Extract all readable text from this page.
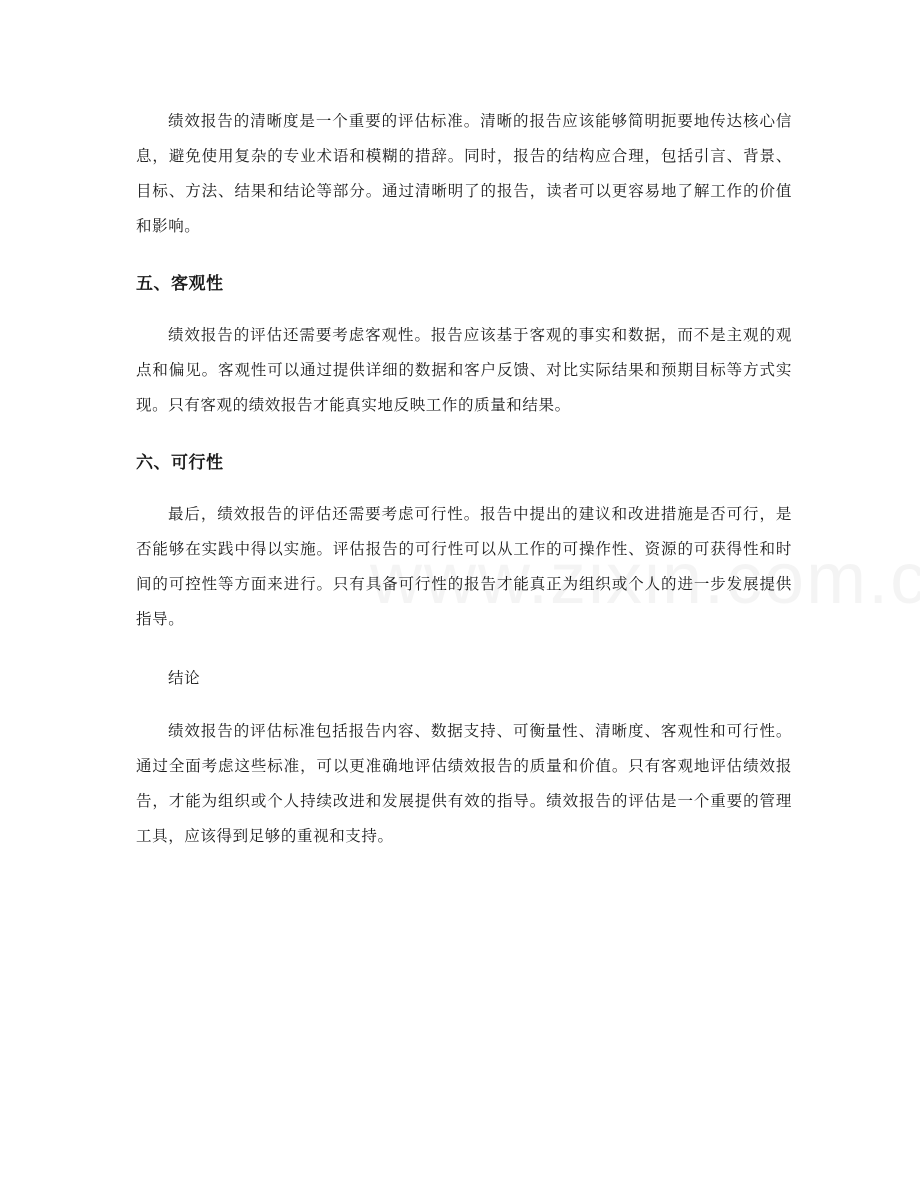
绩效报告的清晰度是一个重要的评估标准。清晰的报告应该能够简明扼要地传达核心信息，避免使用复杂的专业术语和模糊的措辞。同时，报告的结构应合理，包括引言、背景、目标、方法、结果和结论等部分。通过清晰明了的报告，读者可以更容易地了解工作的价值和影响。

五、客观性

绩效报告的评估还需要考虑客观性。报告应该基于客观的事实和数据，而不是主观的观点和偏见。客观性可以通过提供详细的数据和客户反馈、对比实际结果和预期目标等方式实现。只有客观的绩效报告才能真实地反映工作的质量和结果。

六、可行性

最后，绩效报告的评估还需要考虑可行性。报告中提出的建议和改进措施是否可行，是否能够在实践中得以实施。评估报告的可行性可以从工作的可操作性、资源的可获得性和时间的可控性等方面来进行。只有具备可行性的报告才能真正为组织或个人的进一步发展提供指导。

结论

绩效报告的评估标准包括报告内容、数据支持、可衡量性、清晰度、客观性和可行性。通过全面考虑这些标准，可以更准确地评估绩效报告的质量和价值。只有客观地评估绩效报告，才能为组织或个人持续改进和发展提供有效的指导。绩效报告的评估是一个重要的管理工具，应该得到足够的重视和支持。
